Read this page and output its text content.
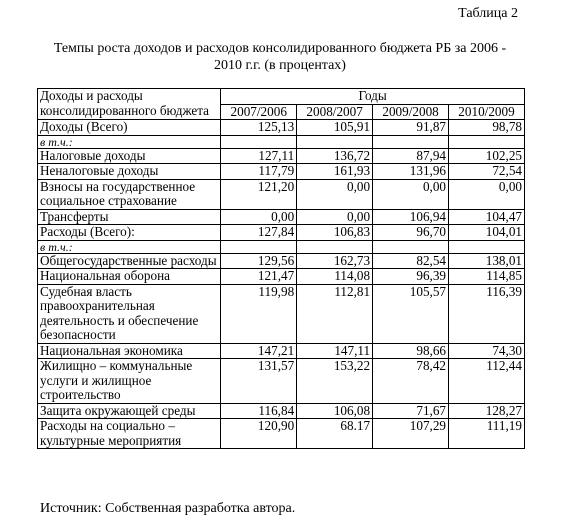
Таблица 2
Темпы роста доходов и расходов консолидированного бюджета РБ за 2006 -
2010 г.г. (в процентах)
Доходы и расходы
консолидированного бюджета	Годы			
	2007/2006	2008/2007	2009/2008	2010/2009
Доходы (Всего)	125,13	105,91	91,87	98,78
в т.ч.:				
Налоговые доходы	127,11	136,72	87,94	102,25
Неналоговые доходы	117,79	161,93	131,96	72,54
Взносы на государственное социальное страхование	121,20	0,00	0,00	0,00
Трансферты	0,00	0,00	106,94	104,47
Расходы (Всего):	127,84	106,83	96,70	104,01
в т.ч.:				
Общегосударственные расходы	129,56	162,73	82,54	138,01
Национальная оборона	121,47	114,08	96,39	114,85
Судебная власть правоохранительная деятельность и обеспечение безопасности	119,98	112,81	105,57	116,39
Национальная экономика	147,21	147,11	98,66	74,30
Жилищно – коммунальные услуги и жилищное строительство	131,57	153,22	78,42	112,44
Защита окружающей среды	116,84	106,08	71,67	128,27
Расходы на социально – культурные мероприятия	120,90	68.17	107,29	111,19
Источник: Собственная разработка автора.
